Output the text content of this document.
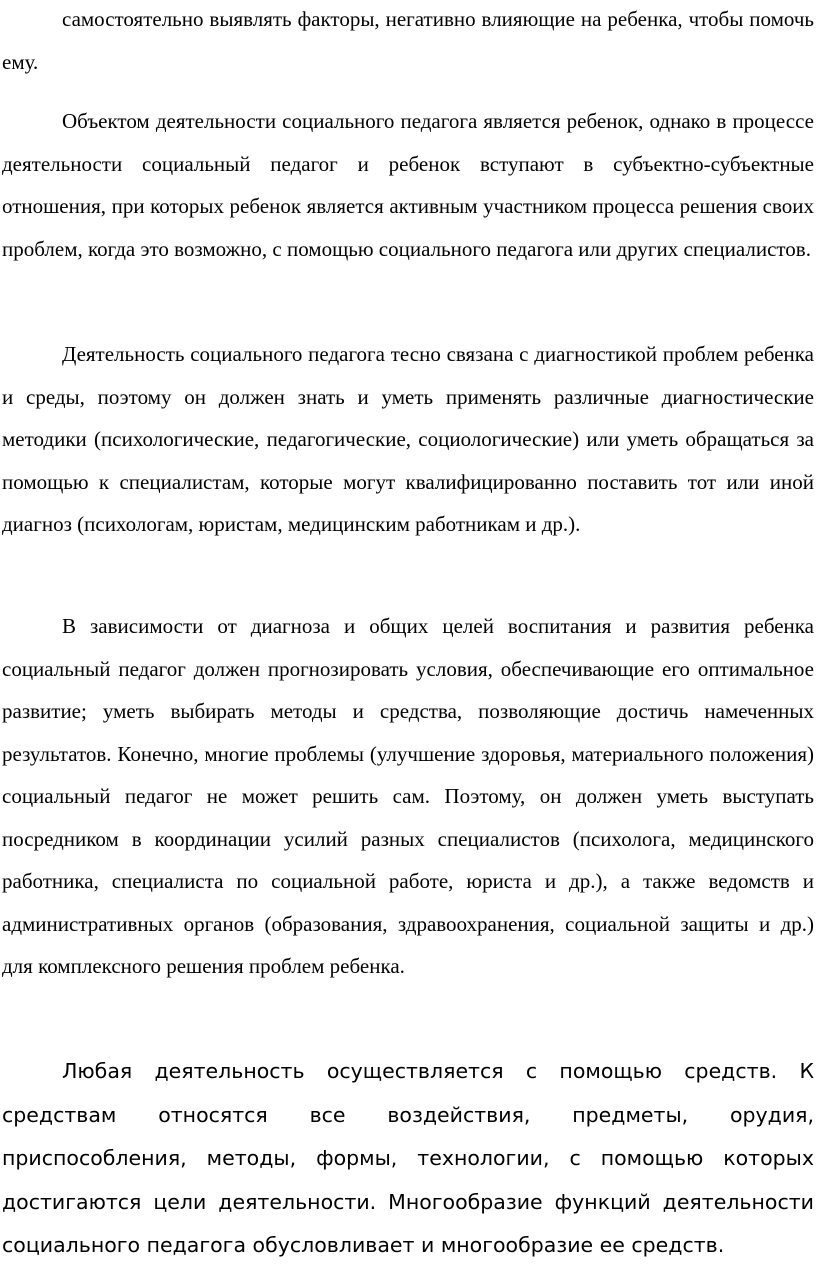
самостоятельно выявлять факторы, негативно влияющие на ребенка, чтобы помочь ему.

Объектом деятельности социального педагога является ребенок, однако в процессе деятельности социальный педагог и ребенок вступают в субъектно-субъектные отношения, при которых ребенок является активным участником процесса решения своих проблем, когда это возможно, с помощью социального педагога или других специалистов.

Деятельность социального педагога тесно связана с диагностикой проблем ребенка и среды, поэтому он должен знать и уметь применять различные диагностические методики (психологические, педагогические, социологические) или уметь обращаться за помощью к специалистам, которые могут квалифицированно поставить тот или иной диагноз (психологам, юристам, медицинским работникам и др.).

В зависимости от диагноза и общих целей воспитания и развития ребенка социальный педагог должен прогнозировать условия, обеспечивающие его оптимальное развитие; уметь выбирать методы и средства, позволяющие достичь намеченных результатов. Конечно, многие проблемы (улучшение здоровья, материального положения) социальный педагог не может решить сам. Поэтому, он должен уметь выступать посредником в координации усилий разных специалистов (психолога, медицинского работника, специалиста по социальной работе, юриста и др.), а также ведомств и административных органов (образования, здравоохранения, социальной защиты и др.) для комплексного решения проблем ребенка.

Любая деятельность осуществляется с помощью средств. К средствам относятся все воздействия, предметы, орудия, приспособления, методы, формы, технологии, с помощью которых достигаются цели деятельности. Многообразие функций деятельности социального педагога обусловливает и многообразие ее средств.
